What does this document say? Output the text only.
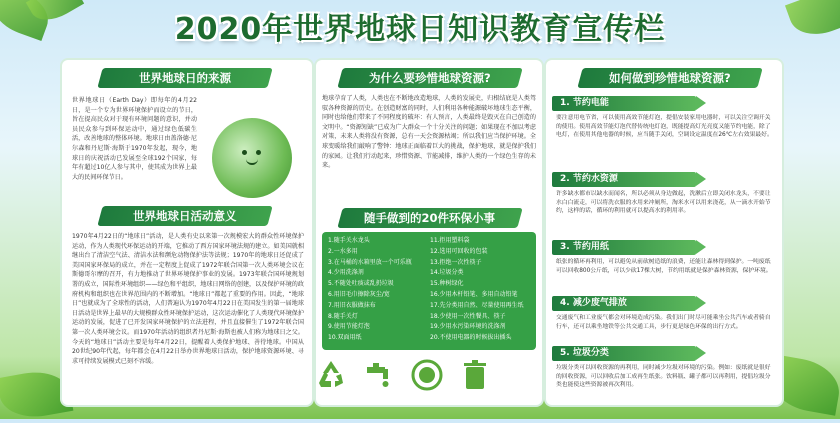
2020年世界地球日知识教育宣传栏
世界地球日的来源
世界地球日（Earth Day）即每年的4月22日，是一个专为世界环境保护而设立的节日，旨在提高民众对于现有环境问题的意识，并动员民众参与到环保运动中，通过绿色低碳生活，改善地球的整体环境。地球日由盖洛德·尼尔森和丹尼斯·海斯于1970年发起，现今，地球日的庆祝活动已发展至全球192个国家，每年有超过10亿人参与其中，使其成为世界上最大的民间环保节日。
世界地球日活动意义
1970年4月22日的“地球日”活动，是人类有史以来第一次规模宏大的群众性环境保护运动，作为人类现代环保运动的开端，它推动了西方国家环境法规的建立。如美国就相继出台了清洁空气法、清洁水法和濒危动物保护法等法规；1970年的地球日还促成了美国国家环保局的成立，并在一定程度上促成了1972年联合国第一次人类环境会议在斯德哥尔摩的召开，有力地推动了世界环境保护事业的发展。1973年联合国环境规划署的成立，国际性环境组织——绿色和平组织，地球日网络的创建，以及保护环境的政府机构和组织也在世界范围内的不断增加。“地球日”都起了重要的作用。因此，“地球日”也就成为了全球性的活动，人们普遍认为1970年4月22日在美国发生的第一届地球日活动是世界上最早的大规模群众性环境保护运动，这次运动催化了人类现代环境保护运动的发展，促进了已开发国家环境保护的立法进程，并且直接催生了1972年联合国第一次人类环境会议。而1970年活动的组织者丹尼斯·海斯也被人们称为地球日之父。今天的“地球日”活动主要是每年4月22日，提醒着人类保护地球、善待地球。中国从20世纪90年代起，每年都会在4月22日举办世界地球日活动，保护地球资源环境、寻求可持续发展模式已刻不容缓。
为什么要珍惜地球资源?
地球孕育了人类，人类也在不断地改造地球，人类的发展史，归根结底是人类驾驭各种资源的历史。在创造财富的同时，人们利用各种能源破坏地球生态平衡，同时也给他们带来了不同程度的破坏：有人预言，人类最终是毁灭在自己创造的文明中。“资源短缺”已成为广大群众一个十分关注的问题；如果现在不加以考虑对策，未来人类将没有资源，总有一天会资源枯竭；所以我们应当保护环境。全球变暖给我们敲响了警钟：地球正面临着巨大的挑战，保护地球，就是保护我们的家园。让我们行动起来，珍惜资源、节能减排，维护人类的一个绿色生存的未来。
随手做到的20件环保小事
1.随手关水龙头
2.一水多用
3.在马桶的水箱里放一个可乐瓶
4.少用洗涤剂
5.不随处吐痰或乱扔垃圾
6.用旧毛巾擦除灰尘/宽
7.用旧衣服做抹布
8.随手关灯
9.使用节能灯泡
10.双面用纸
11.拒用塑料袋
12.选用可回收的包装
13.拒绝一次性筷子
14.垃圾分类
15.种树绿化
16.少用木杆铅笔、多用自动铅笔
17.先分类用自然、尽量使用再生纸
18.少使用一次性餐具、筷子
19.少用水污染环境的洗涤剂
20.不使用电器的时候拔出插头
如何做到珍惜地球资源?
1. 节约电能
要注意用电节省，可以使用高效节能灯泡，提倡安装家用电器时，可以关注空调开关的使用。使用高效节能灯泡代替传统电灯泡，既能提高灯光亮度又能节约电能，除了电灯，在使用其他电器的时候，应当随手关闭，空调设定温度在26℃左右效果最好。
2. 节约水资源
许多缺水都市以缺水而闻名，所以必须从身边做起，洗漱后立即关闭水龙头，不要让水白白流走，可以将洗衣服的水用来冲厕所，淘米水可以用来浇花，从一滴水开始节约，这样的话，循环的利用就可以提高水的利用率。
3. 节约用纸
纸张的循环再利用，可以避免从前砍树造纸的浪费，还能让森林得到保护。一吨废纸可以回收800公斤纸，可以少砍17棵大树，节约用纸就是保护森林资源，保护环境。
4. 减少废气排放
交通废气和工业废气都会对环境造成污染。我们出门时尽可能乘坐公共汽车或者骑自行车，还可以乘坐地铁等公共交通工具，步行更是绿色环保的出行方式。
5. 垃圾分类
垃圾分类可以回收资源的再利用，同时减少垃圾对环境的污染。例如：废纸就是很好的回收资源，可以回收后加工成再生纸张。饮料瓶、罐子都可以再利用，提倡垃圾分类也能使这些资源被再次利用。
